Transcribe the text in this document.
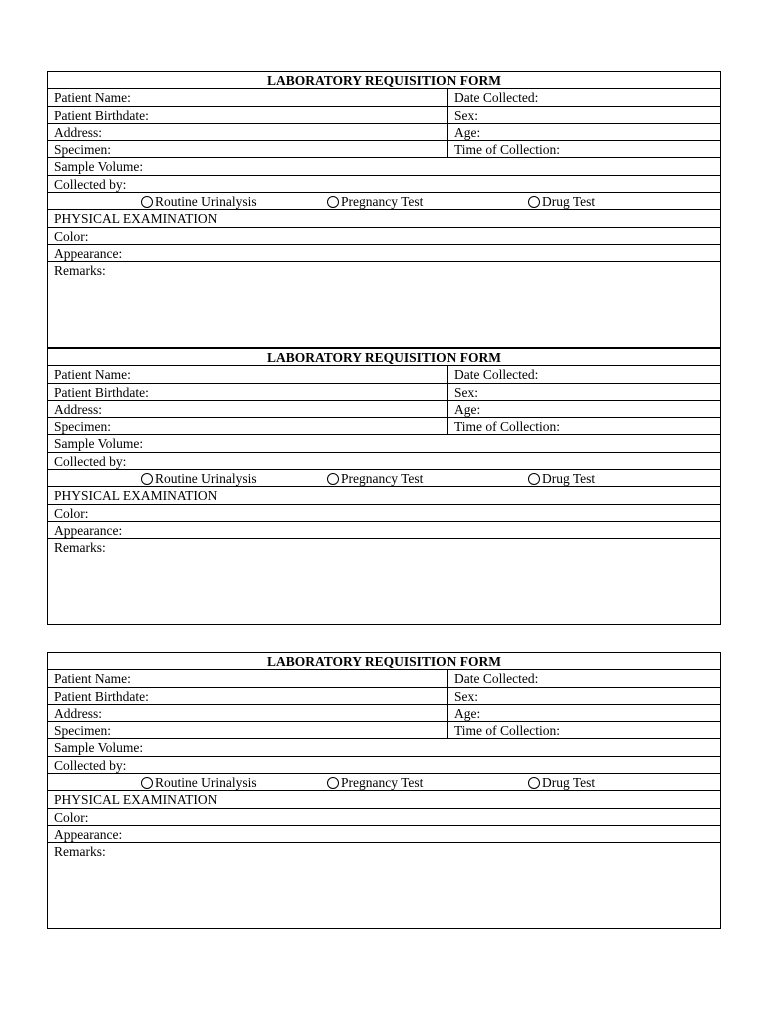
LABORATORY REQUISITION FORM
Patient Name:	Date Collected:
Patient Birthdate:	Sex:
Address:	Age:
Specimen:	Time of Collection:
Sample Volume:
Collected by:
Routine Urinalysis	Pregnancy Test	Drug Test
PHYSICAL EXAMINATION
Color:
Appearance:
Remarks:
LABORATORY REQUISITION FORM
Patient Name:	Date Collected:
Patient Birthdate:	Sex:
Address:	Age:
Specimen:	Time of Collection:
Sample Volume:
Collected by:
Routine Urinalysis	Pregnancy Test	Drug Test
PHYSICAL EXAMINATION
Color:
Appearance:
Remarks:
LABORATORY REQUISITION FORM
Patient Name:	Date Collected:
Patient Birthdate:	Sex:
Address:	Age:
Specimen:	Time of Collection:
Sample Volume:
Collected by:
Routine Urinalysis	Pregnancy Test	Drug Test
PHYSICAL EXAMINATION
Color:
Appearance:
Remarks:
